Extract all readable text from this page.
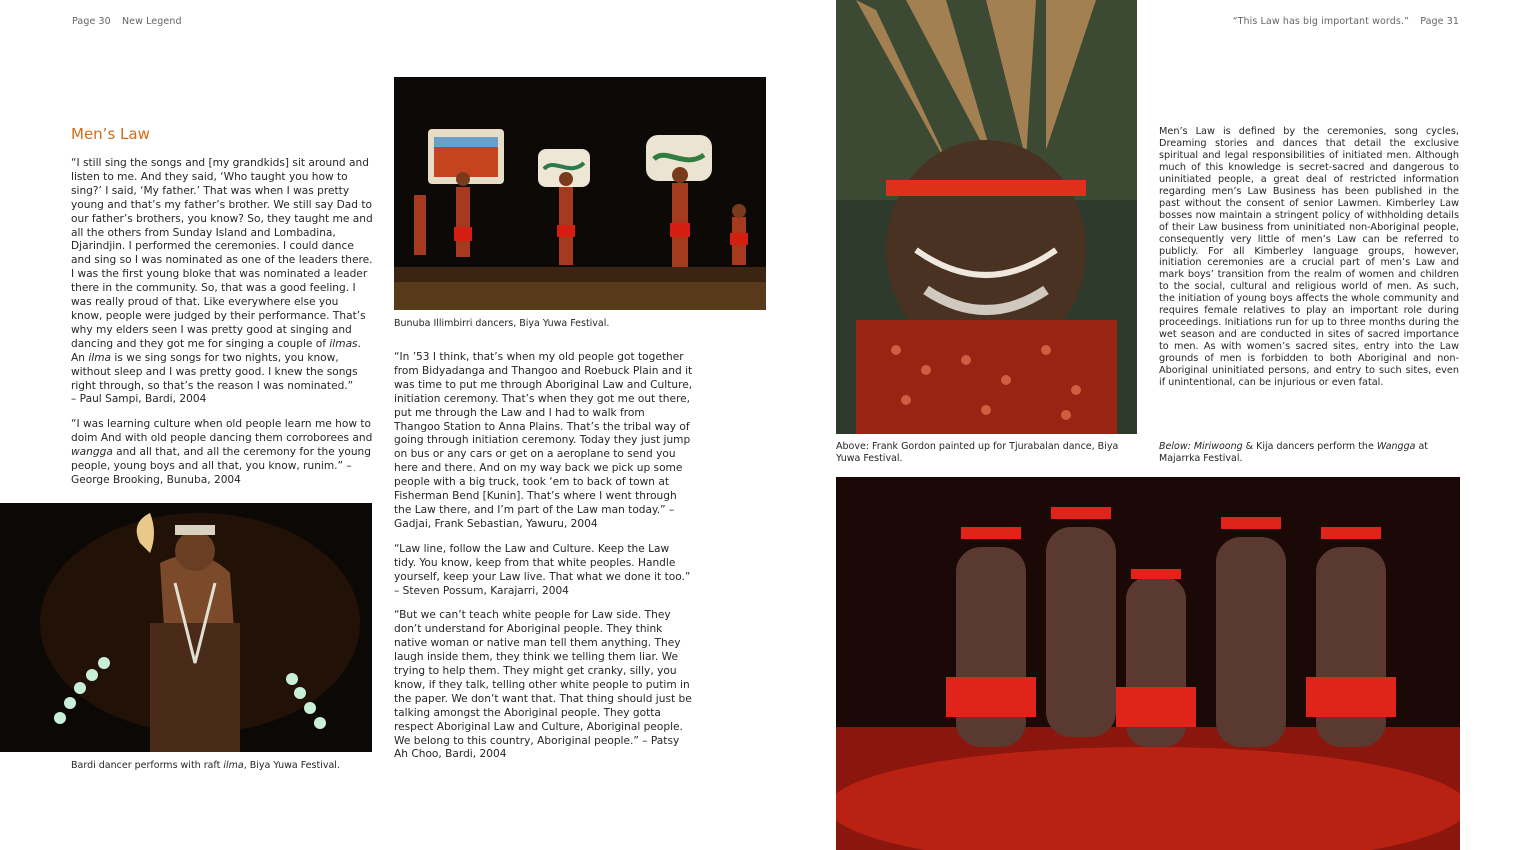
Page 30 New Legend
Men’s Law

“I still sing the songs and [my grandkids] sit around and listen to me. And they said, ‘Who taught you how to sing?’ I said, ‘My father.’ That was when I was pretty young and that’s my father’s brother. We still say Dad to our father’s brothers, you know? So, they taught me and all the others from Sunday Island and Lombadina, Djarindjin. I performed the ceremonies. I could dance and sing so I was nominated as one of the leaders there. I was the first young bloke that was nominated a leader there in the community. So, that was a good feeling. I was really proud of that. Like everywhere else you know, people were judged by their performance. That’s why my elders seen I was pretty good at singing and dancing and they got me for singing a couple of ilmas. An ilma is we sing songs for two nights, you know, without sleep and I was pretty good. I knew the songs right through, so that’s the reason I was nominated.”

– Paul Sampi, Bardi, 2004

“I was learning culture when old people learn me how to doim And with old people dancing them corroborees and wangga and all that, and all the ceremony for the young people, young boys and all that, you know, runim.” – George Brooking, Bunuba, 2004

Bunuba Illimbirri dancers, Biya Yuwa Festival.

“In ’53 I think, that’s when my old people got together from Bidyadanga and Thangoo and Roebuck Plain and it was time to put me through Aboriginal Law and Culture, initiation ceremony. That’s when they got me out there, put me through the Law and I had to walk from Thangoo Station to Anna Plains. That’s the tribal way of going through initiation ceremony. Today they just jump on bus or any cars or get on a aeroplane to send you here and there. And on my way back we pick up some people with a big truck, took ‘em to back of town at Fisherman Bend [Kunin]. That’s where I went through the Law there, and I’m part of the Law man today.” – Gadjai, Frank Sebastian, Yawuru, 2004

“Law line, follow the Law and Culture. Keep the Law tidy. You know, keep from that white peoples. Handle yourself, keep your Law live. That what we done it too.”

– Steven Possum, Karajarri, 2004

“But we can’t teach white people for Law side. They don’t understand for Aboriginal people. They think native woman or native man tell them anything. They laugh inside them, they think we telling them liar. We trying to help them. They might get cranky, silly, you know, if they talk, telling other white people to putim in the paper. We don’t want that. That thing should just be talking amongst the Aboriginal people. They gotta respect Aboriginal Law and Culture, Aboriginal people. We belong to this country, Aboriginal people.” – Patsy Ah Choo, Bardi, 2004

Bardi dancer performs with raft ilma, Biya Yuwa Festival.
“This Law has big important words.” Page 31
Above: Frank Gordon painted up for Tjurabalan dance, Biya Yuwa Festival.
Men’s Law is defined by the ceremonies, song cycles, Dreaming stories and dances that detail the exclusive spiritual and legal responsibilities of initiated men. Although much of this knowledge is secret-sacred and dangerous to uninitiated people, a great deal of restricted information regarding men’s Law Business has been published in the past without the consent of senior Lawmen. Kimberley Law bosses now maintain a stringent policy of withholding details of their Law business from uninitiated non-Aboriginal people, consequently very little of men’s Law can be referred to publicly. For all Kimberley language groups, however, initiation ceremonies are a crucial part of men’s Law and mark boys’ transition from the realm of women and children to the social, cultural and religious world of men. As such, the initiation of young boys affects the whole community and requires female relatives to play an important role during proceedings. Initiations run for up to three months during the wet season and are conducted in sites of sacred importance to men. As with women’s sacred sites, entry into the Law grounds of men is forbidden to both Aboriginal and non-Aboriginal uninitiated persons, and entry to such sites, even if unintentional, can be injurious or even fatal.
Below: Miriwoong & Kija dancers perform the Wangga at Majarrka Festival.
